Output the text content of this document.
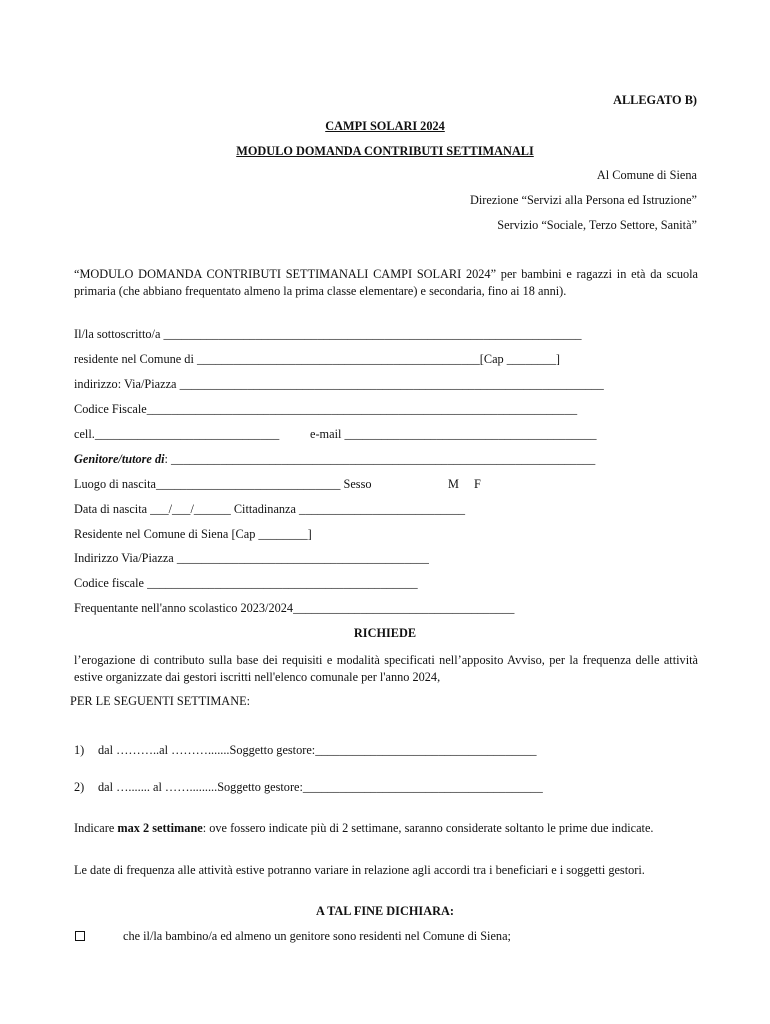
ALLEGATO B)
CAMPI SOLARI 2024
MODULO DOMANDA CONTRIBUTI SETTIMANALI
Al Comune di Siena
Direzione “Servizi alla Persona ed Istruzione”
Servizio “Sociale, Terzo Settore, Sanità”
“MODULO DOMANDA CONTRIBUTI SETTIMANALI CAMPI SOLARI 2024” per bambini e ragazzi in età da scuola primaria (che abbiano frequentato almeno la prima classe elementare) e secondaria, fino ai 18 anni).
Il/la sottoscritto/a ____________________________________________________________________
residente nel Comune di ______________________________________________[Cap ________]
indirizzo: Via/Piazza _____________________________________________________________________
Codice Fiscale______________________________________________________________________
cell.______________________________ e-mail _________________________________________
Genitore/tutore di: _____________________________________________________________________
Luogo di nascita______________________________ Sesso	M F
Data di nascita ___/___/______ Cittadinanza ___________________________
Residente nel Comune di Siena [Cap ________]
Indirizzo Via/Piazza _________________________________________
Codice fiscale ____________________________________________
Frequentante nell'anno scolastico 2023/2024____________________________________
RICHIEDE
l’erogazione di contributo sulla base dei requisiti e modalità specificati nell’apposito Avviso, per la frequenza delle attività estive organizzate dai gestori iscritti nell'elenco comunale per l'anno 2024,
PER LE SEGUENTI SETTIMANE:
1) dal ………..al ……….......Soggetto gestore:____________________________________
2) dal …....... al …….........Soggetto gestore:_______________________________________
Indicare max 2 settimane: ove fossero indicate più di 2 settimane, saranno considerate soltanto le prime due indicate.
Le date di frequenza alle attività estive potranno variare in relazione agli accordi tra i beneficiari e i soggetti gestori.
A TAL FINE DICHIARA:
che il/la bambino/a ed almeno un genitore sono residenti nel Comune di Siena;
